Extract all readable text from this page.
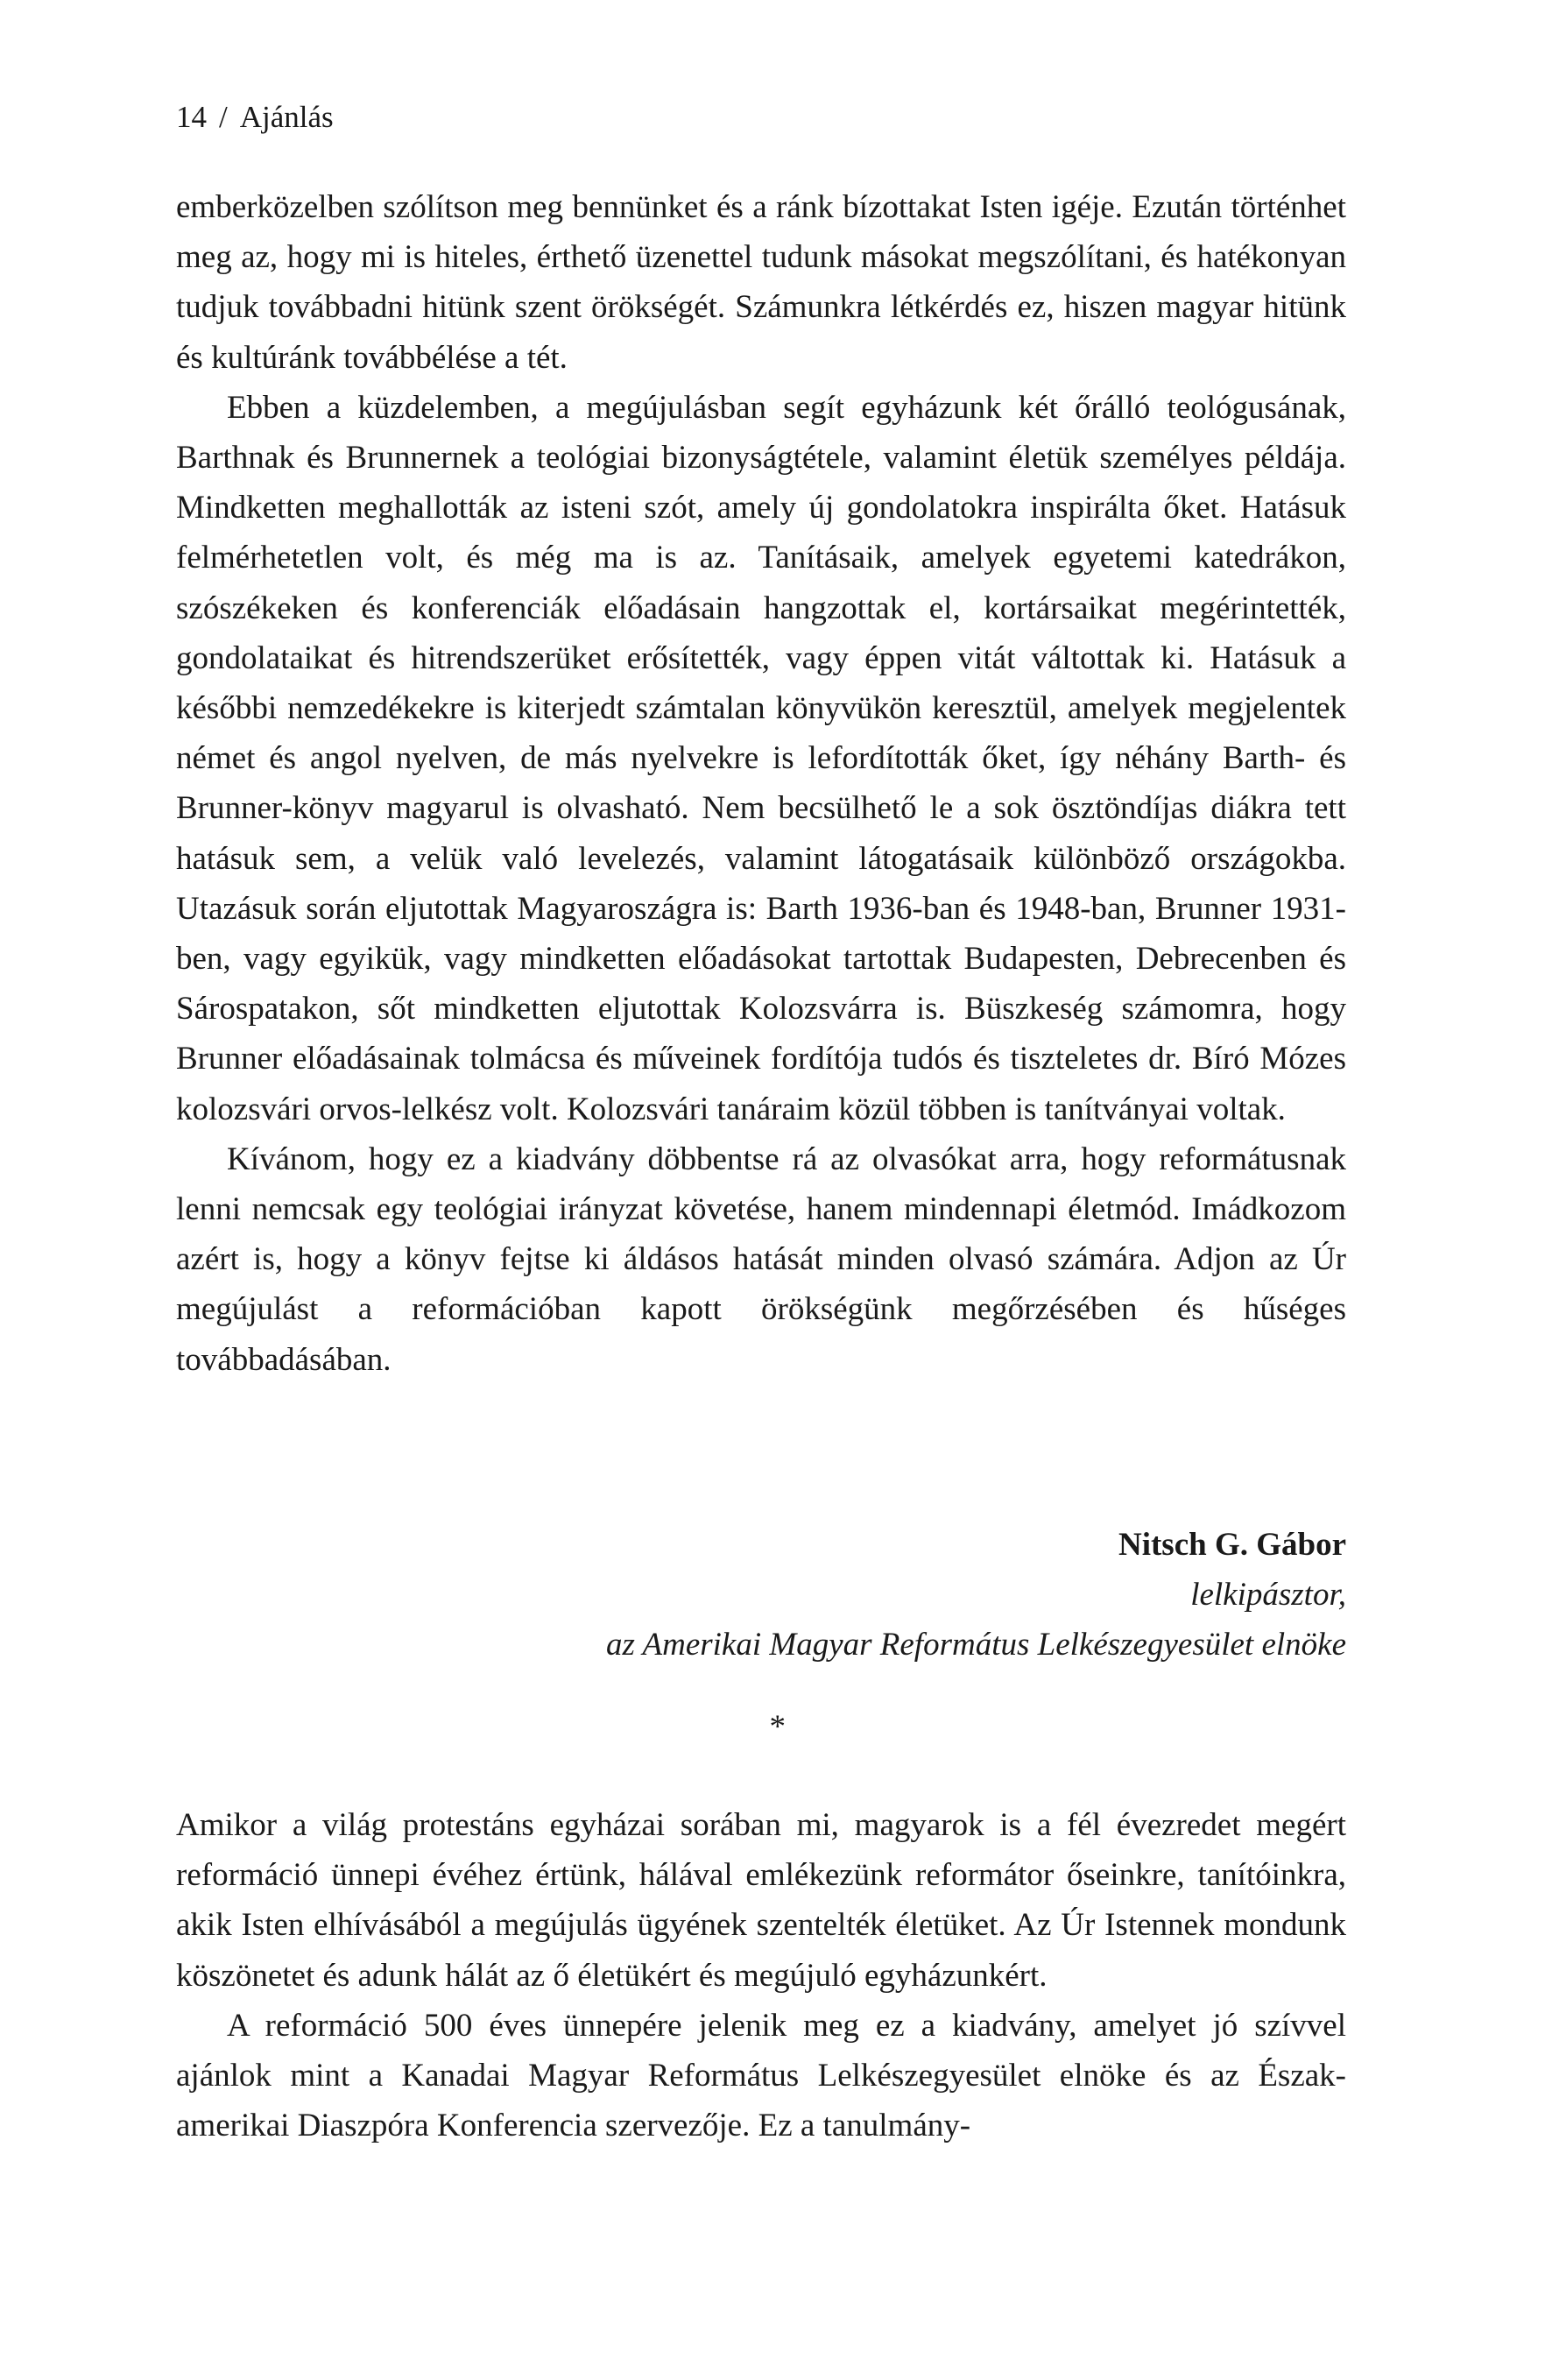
14 / Ajánlás

emberközelben szólítson meg bennünket és a ránk bízottakat Isten igéje. Ezután történhet meg az, hogy mi is hiteles, érthető üzenettel tudunk másokat megszólítani, és hatékonyan tudjuk továbbadni hitünk szent örökségét. Számunkra létkérdés ez, hiszen magyar hitünk és kultúránk továbbélése a tét.

Ebben a küzdelemben, a megújulásban segít egyházunk két őrálló teológusának, Barthnak és Brunnernek a teológiai bizonyságtétele, valamint életük személyes példája. Mindketten meghallották az isteni szót, amely új gondolatokra inspirálta őket. Hatásuk felmérhetetlen volt, és még ma is az. Tanításaik, amelyek egyetemi katedrákon, szószékeken és konferenciák előadásain hangzottak el, kortársaikat megérintették, gondolataikat és hitrendszerüket erősítették, vagy éppen vitát váltottak ki. Hatásuk a későbbi nemzedékekre is kiterjedt számtalan könyvükön keresztül, amelyek megjelentek német és angol nyelven, de más nyelvekre is lefordították őket, így néhány Barth- és Brunner-könyv magyarul is olvasható. Nem becsülhető le a sok ösztöndíjas diákra tett hatásuk sem, a velük való levelezés, valamint látogatásaik különböző országokba. Utazásuk során eljutottak Magyaroszágra is: Barth 1936-ban és 1948-ban, Brunner 1931-ben, vagy egyikük, vagy mindketten előadásokat tartottak Budapesten, Debrecenben és Sárospatakon, sőt mindketten eljutottak Kolozsvárra is. Büszkeség számomra, hogy Brunner előadásainak tolmácsa és műveinek fordítója tudós és tiszteletes dr. Bíró Mózes kolozsvári orvos-lelkész volt. Kolozsvári tanáraim közül többen is tanítványai voltak.

Kívánom, hogy ez a kiadvány döbbentse rá az olvasókat arra, hogy reformátusnak lenni nemcsak egy teológiai irányzat követése, hanem mindennapi életmód. Imádkozom azért is, hogy a könyv fejtse ki áldásos hatását minden olvasó számára. Adjon az Úr megújulást a reformációban kapott örökségünk megőrzésében és hűséges továbbadásában.

Nitsch G. Gábor
lelkipásztor,
az Amerikai Magyar Református Lelkészegyesület elnöke
*

Amikor a világ protestáns egyházai sorában mi, magyarok is a fél évezredet megért reformáció ünnepi évéhez értünk, hálával emlékezünk reformátor őseinkre, tanítóinkra, akik Isten elhívásából a megújulás ügyének szentelték életüket. Az Úr Istennek mondunk köszönetet és adunk hálát az ő életükért és megújuló egyházunkért.

A reformáció 500 éves ünnepére jelenik meg ez a kiadvány, amelyet jó szívvel ajánlok mint a Kanadai Magyar Református Lelkészegyesület elnöke és az Észak-amerikai Diaszpóra Konferencia szervezője. Ez a tanulmány-
